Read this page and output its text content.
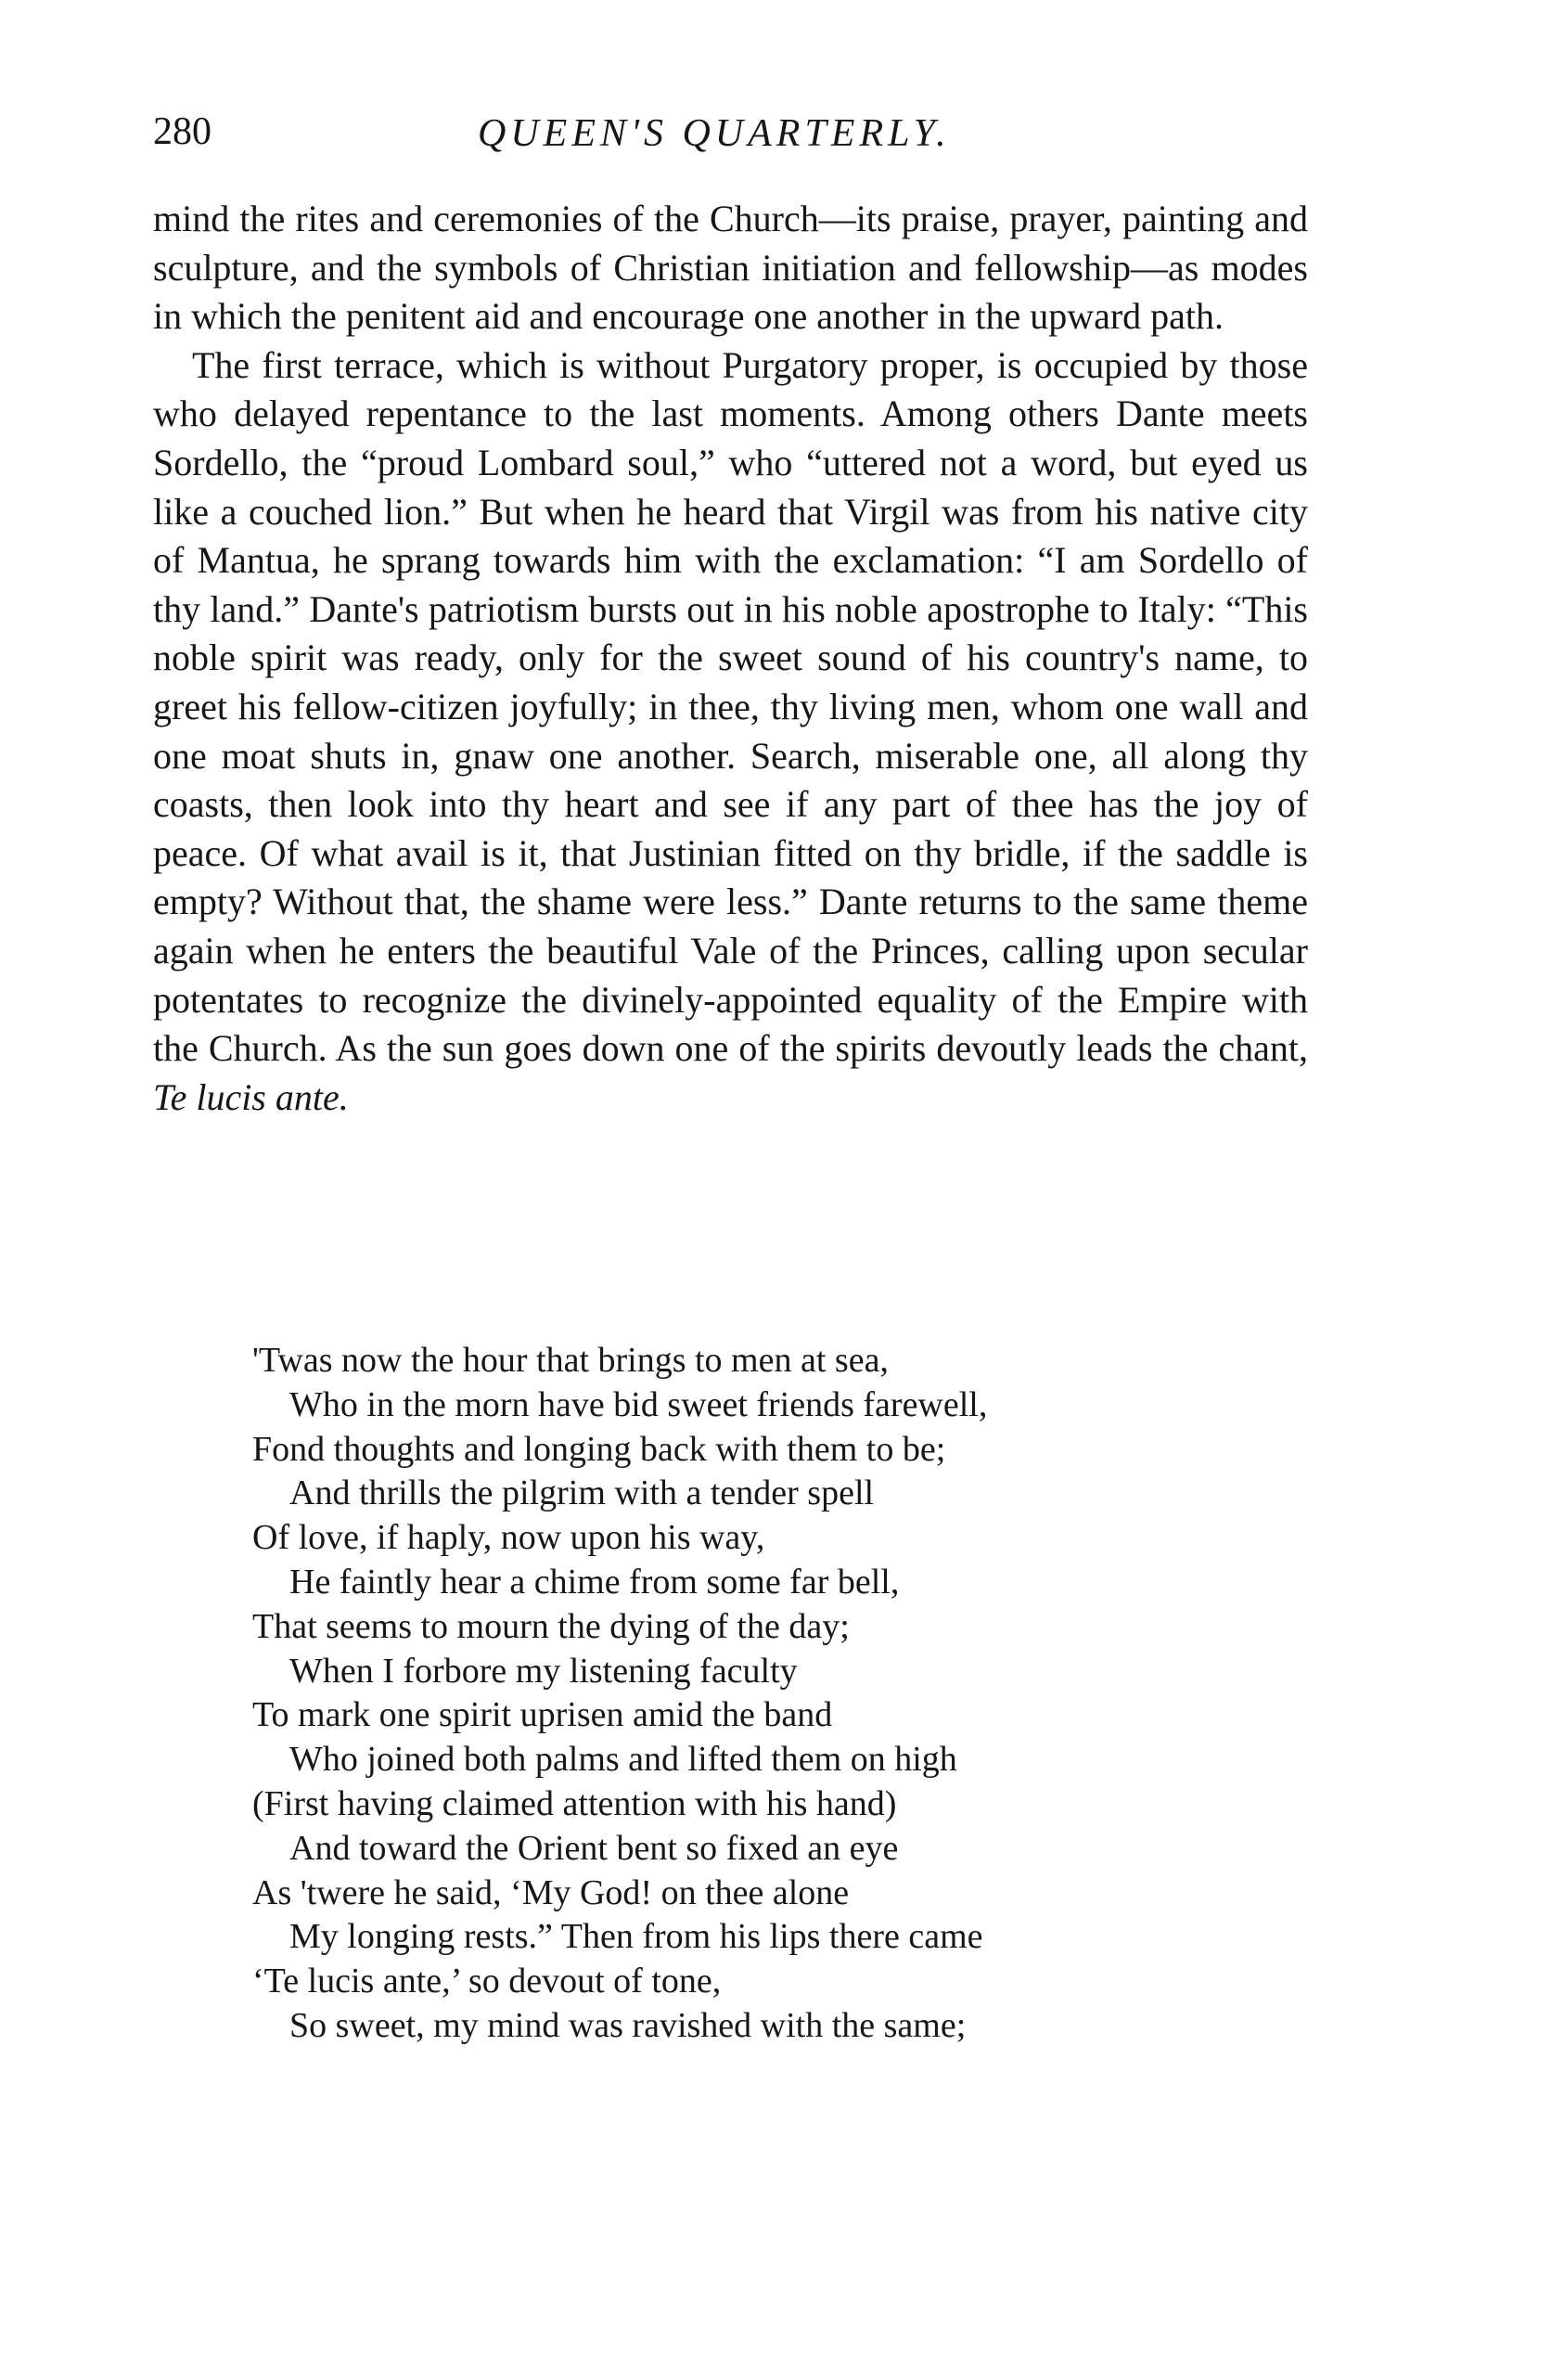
280	QUEEN'S QUARTERLY.

mind the rites and ceremonies of the Church—its praise, prayer, painting and sculpture, and the symbols of Christian initiation and fellowship—as modes in which the penitent aid and encourage one another in the upward path.

The first terrace, which is without Purgatory proper, is occupied by those who delayed repentance to the last moments. Among others Dante meets Sordello, the “proud Lombard soul,” who “uttered not a word, but eyed us like a couched lion.” But when he heard that Virgil was from his native city of Mantua, he sprang towards him with the exclamation: “I am Sordello of thy land.” Dante's patriotism bursts out in his noble apostrophe to Italy: “This noble spirit was ready, only for the sweet sound of his country's name, to greet his fellow-citizen joyfully; in thee, thy living men, whom one wall and one moat shuts in, gnaw one another. Search, miserable one, all along thy coasts, then look into thy heart and see if any part of thee has the joy of peace. Of what avail is it, that Justinian fitted on thy bridle, if the saddle is empty? Without that, the shame were less.” Dante returns to the same theme again when he enters the beautiful Vale of the Princes, calling upon secular potentates to recognize the divinely-appointed equality of the Empire with the Church. As the sun goes down one of the spirits devoutly leads the chant, Te lucis ante.

'Twas now the hour that brings to men at sea,
Who in the morn have bid sweet friends farewell,
Fond thoughts and longing back with them to be;
And thrills the pilgrim with a tender spell
Of love, if haply, now upon his way,
He faintly hear a chime from some far bell,
That seems to mourn the dying of the day;
When I forbore my listening faculty
To mark one spirit uprisen amid the band
Who joined both palms and lifted them on high
(First having claimed attention with his hand)
And toward the Orient bent so fixed an eye
As 'twere he said, ‘My God! on thee alone
My longing rests.” Then from his lips there came
‘Te lucis ante,’ so devout of tone,
So sweet, my mind was ravished with the same;
